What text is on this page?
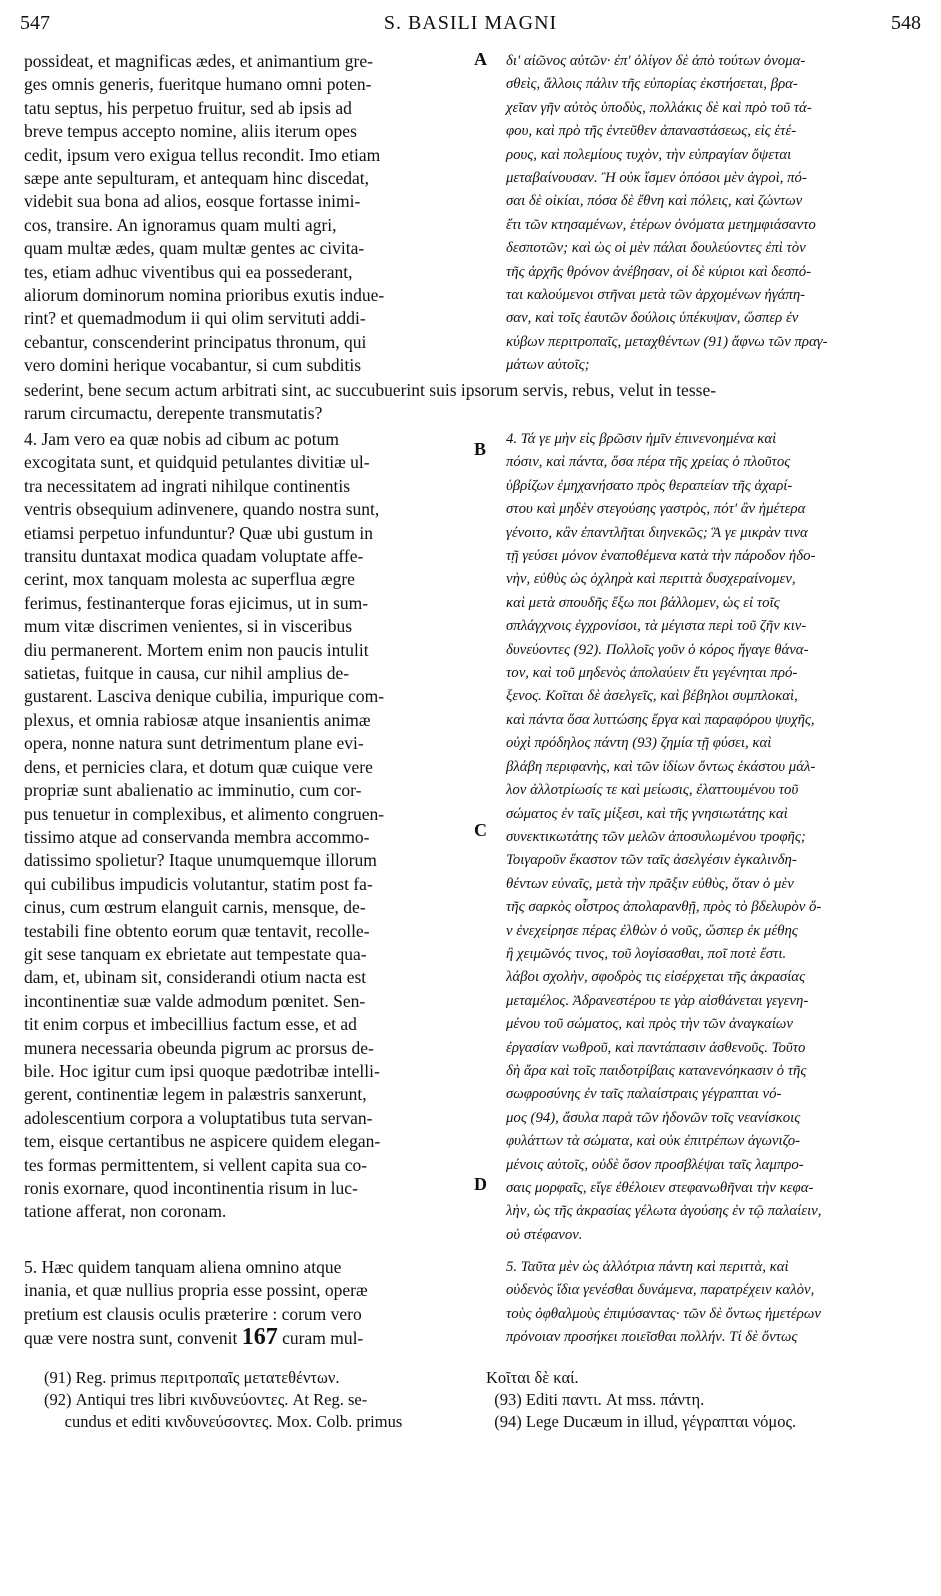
547	S. BASILI MAGNI	548
possideat, et magnificas ædes, et animantium gre-
ges omnis generis, fueritque humano omni poten-
tatu septus, his perpetuo fruitur, sed ab ipsis ad
breve tempus accepto nomine, aliis iterum opes
cedit, ipsum vero exigua tellus recondit. Imo etiam
sæpe ante sepulturam, et antequam hinc discedat,
videbit sua bona ad alios, eosque fortasse inimi-
cos, transire. An ignoramus quam multi agri,
quam multæ ædes, quam multæ gentes ac civita-
tes, etiam adhuc viventibus qui ea possederant,
aliorum dominorum nomina prioribus exutis indue-
rint? et quemadmodum ii qui olim servituti addi-
cebantur, conscenderint principatus thronum, qui
vero domini herique vocabantur, si cum subditis
δι' αἰῶνος αὐτῶν· ἐπ' ὀλίγον δὲ ἀπὸ τούτων ὀνομα-
σθεὶς, ἄλλοις πάλιν τῆς εὐπορίας ἐκστήσεται, βρα-
χεῖαν γῆν αὐτὸς ὑποδὺς, πολλάκις δὲ καὶ πρὸ τοῦ τά-
φου, καὶ πρὸ τῆς ἐντεῦθεν ἀπαναστάσεως, εἰς ἑτέ-
ρους, καὶ πολεμίους τυχὸν, τὴν εὐπραγίαν ὄψεται
μεταβαίνουσαν. Ἢ οὐκ ἴσμεν ὁπόσοι μὲν ἀγροὶ, πό-
σαι δὲ οἰκίαι, πόσα δὲ ἔθνη καὶ πόλεις, καὶ ζώντων
ἔτι τῶν κτησαμένων, ἑτέρων ὀνόματα μετημφιάσαντο
δεσποτῶν; καὶ ὡς οἱ μὲν πάλαι δουλεύοντες ἐπὶ τὸν
τῆς ἀρχῆς θρόνον ἀνέβησαν, οἱ δὲ κύριοι καὶ δεσπό-
ται καλούμενοι στῆναι μετὰ τῶν ἀρχομένων ἠγάπη-
σαν, καὶ τοῖς ἑαυτῶν δούλοις ὑπέκυψαν, ὥσπερ ἐν
κύβων περιτροπαῖς, μεταχθέντων (91) ἄφνω τῶν πραγ-
μάτων αὐτοῖς;
A
sederint, bene secum actum arbitrati sint, ac succubuerint suis ipsorum servis, rebus, velut in tesse-
rarum circumactu, derepente transmutatis?
4. Jam vero ea quæ nobis ad cibum ac potum
excogitata sunt, et quidquid petulantes divitiæ ul-
tra necessitatem ad ingrati nihilque continentis
ventris obsequium adinvenere, quando nostra sunt,
etiamsi perpetuo infunduntur? Quæ ubi gustum in
transitu duntaxat modica quadam voluptate affe-
cerint, mox tanquam molesta ac superflua ægre
ferimus, festinanterque foras ejicimus, ut in sum-
mum vitæ discrimen venientes, si in visceribus
diu permanerent. Mortem enim non paucis intulit
satietas, fuitque in causa, cur nihil amplius de-
gustarent. Lasciva denique cubilia, impurique com-
plexus, et omnia rabiosæ atque insanientis animæ
opera, nonne natura sunt detrimentum plane evi-
dens, et pernicies clara, et dotum quæ cuique vere
propriæ sunt abalienatio ac imminutio, cum cor-
pus tenuetur in complexibus, et alimento congruen-
tissimo atque ad conservanda membra accommo-
datissimo spolietur? Itaque unumquemque illorum
qui cubilibus impudicis volutantur, statim post fa-
cinus, cum œstrum elanguit carnis, mensque, de-
testabili fine obtento eorum quæ tentavit, recolle-
git sese tanquam ex ebrietate aut tempestate qua-
dam, et, ubinam sit, considerandi otium nacta est
incontinentiæ suæ valde admodum pœnitet. Sen-
tit enim corpus et imbecillius factum esse, et ad
munera necessaria obeunda pigrum ac prorsus de-
bile. Hoc igitur cum ipsi quoque pædotribæ intelli-
gerent, continentiæ legem in palæstris sanxerunt,
adolescentium corpora a voluptatibus tuta servan-
tem, eisque certantibus ne aspicere quidem elegan-
tes formas permittentem, si vellent capita sua co-
ronis exornare, quod incontinentia risum in luc-
tatione afferat, non coronam.
4. Τά γε μὴν εἰς βρῶσιν ἡμῖν ἐπινενοημένα καὶ
πόσιν, καὶ πάντα, ὅσα πέρα τῆς χρείας ὁ πλοῦτος
ὑβρίζων ἐμηχανήσατο πρὸς θεραπείαν τῆς ἀχαρί-
στου καὶ μηδὲν στεγούσης γαστρὸς, πότ' ἂν ἡμέτερα
γένοιτο, κἂν ἐπαντλῆται διηνεκῶς; Ἃ γε μικρὰν τινα
τῇ γεύσει μόνον ἐναποθέμενα κατὰ τὴν πάροδον ἡδο-
νὴν, εὐθὺς ὡς ὀχληρὰ καὶ περιττὰ δυσχεραίνομεν,
καὶ μετὰ σπουδῆς ἔξω ποι βάλλομεν, ὡς εἰ τοῖς
σπλάγχνοις ἐγχρονίσοι, τὰ μέγιστα περὶ τοῦ ζῆν κιν-
δυνεύοντες (92). Πολλοῖς γοῦν ὁ κόρος ἤγαγε θάνα-
τον, καὶ τοῦ μηδενὸς ἀπολαύειν ἔτι γεγένηται πρό-
ξενος. Κοῖται δὲ ἀσελγεῖς, καὶ βέβηλοι συμπλοκαὶ,
καὶ πάντα ὅσα λυττώσης ἔργα καὶ παραφόρου ψυχῆς,
οὐχὶ πρόδηλος πάντη (93) ζημία τῇ φύσει, καὶ
βλάβη περιφανὴς, καὶ τῶν ἰδίων ὄντως ἑκάστου μάλ-
λον ἀλλοτρίωσίς τε καὶ μείωσις, ἐλαττουμένου τοῦ
σώματος ἐν ταῖς μίξεσι, καὶ τῆς γνησιωτάτης καὶ
συνεκτικωτάτης τῶν μελῶν ἀποσυλωμένου τροφῆς;
Τοιγαροῦν ἕκαστον τῶν ταῖς ἀσελγέσιν ἐγκαλινδη-
θέντων εὐναῖς, μετὰ τὴν πρᾶξιν εὐθὺς, ὅταν ὁ μὲν
τῆς σαρκὸς οἶστρος ἀπολαρανθῇ, πρὸς τὸ βδελυρὸν ὅ-
ν ἐνεχείρησε πέρας ἐλθὼν ὁ νοῦς, ὥσπερ ἐκ μέθης
ἢ χειμῶνός τινος, τοῦ λογίσασθαι, ποῖ ποτὲ ἔστι.
λάβοι σχολὴν, σφοδρὸς τις εἰσέρχεται τῆς ἀκρασίας
μεταμέλος. Ἀδρανεστέρου τε γὰρ αἰσθάνεται γεγενη-
μένου τοῦ σώματος, καὶ πρὸς τὴν τῶν ἀναγκαίων
ἐργασίαν νωθροῦ, καὶ παντάπασιν ἀσθενοῦς. Τοῦτο
δὴ ἄρα καὶ τοῖς παιδοτρίβαις κατανενόηκασιν ὁ τῆς
σωφροσύνης ἐν ταῖς παλαίστραις γέγραπται νό-
μος (94), ἄσυλα παρὰ τῶν ἡδονῶν τοῖς νεανίσκοις
φυλάττων τὰ σώματα, καὶ οὐκ ἐπιτρέπων ἀγωνιζο-
μένοις αὐτοῖς, οὐδὲ ὅσον προσβλέψαι ταῖς λαμπρο-
σαις μορφαῖς, εἴγε ἐθέλοιεν στεφανωθῆναι τὴν κεφα-
λὴν, ὡς τῆς ἀκρασίας γέλωτα ἀγούσης ἐν τῷ παλαίειν,
οὐ στέφανον.
B
C
D
5. Hæc quidem tanquam aliena omnino atque
inania, et quæ nullius propria esse possint, operæ
pretium est clausis oculis præterire : corum vero
quæ vere nostra sunt, convenit 167 curam mul-
5. Ταῦτα μὲν ὡς ἀλλότρια πάντη καὶ περιττὰ, καὶ
οὐδενὸς ἴδια γενέσθαι δυνάμενα, παρατρέχειν καλὸν,
τοὺς ὀφθαλμοὺς ἐπιμύσαντας· τῶν δὲ ὄντως ἡμετέρων
πρόνοιαν προσήκει ποιεῖσθαι πολλήν. Τί δὲ ὄντως
(91) Reg. primus περιτροπαῖς μετατεθέντων.
(92) Antiqui tres libri κινδυνεύοντες. At Reg. se-
cundus et editi κινδυνεύσοντες. Mox. Colb. primus
Κοῖται δὲ καί.
(93) Editi παντι. At mss. πάντη.
(94) Lege Ducæum in illud, γέγραπται νόμος.
